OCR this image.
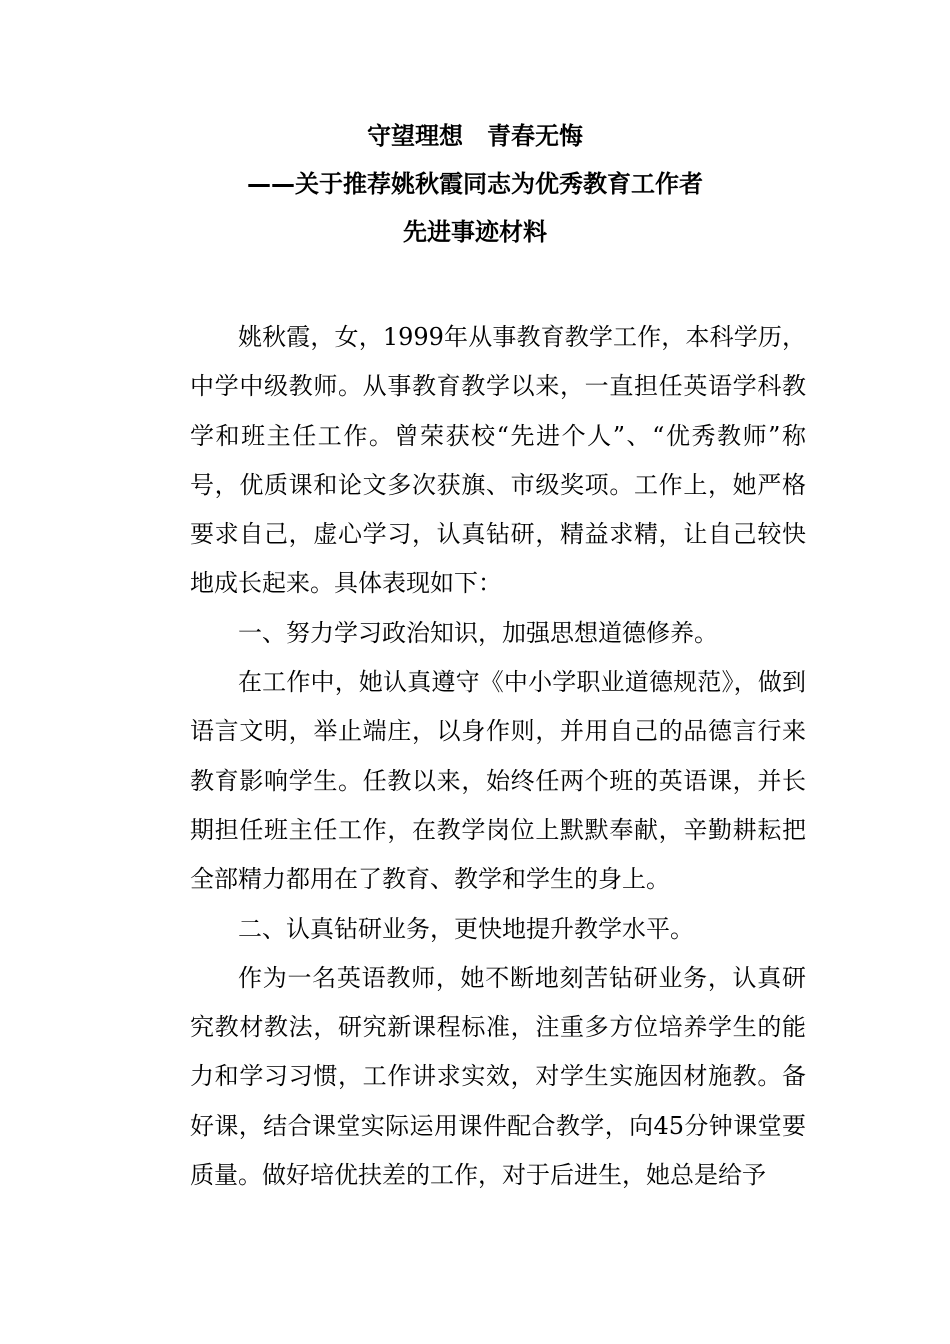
守望理想　青春无悔
——关于推荐姚秋霞同志为优秀教育工作者
先进事迹材料

姚秋霞，女，1999年从事教育教学工作，本科学历，中学中级教师。从事教育教学以来，一直担任英语学科教学和班主任工作。曾荣获校“先进个人”、“优秀教师”称号，优质课和论文多次获旗、市级奖项。工作上，她严格要求自己，虚心学习，认真钻研，精益求精，让自己较快地成长起来。具体表现如下：

一、努力学习政治知识，加强思想道德修养。

在工作中，她认真遵守《中小学职业道德规范》，做到语言文明，举止端庄，以身作则，并用自己的品德言行来教育影响学生。任教以来，始终任两个班的英语课，并长期担任班主任工作，在教学岗位上默默奉献，辛勤耕耘把全部精力都用在了教育、教学和学生的身上。

二、认真钻研业务，更快地提升教学水平。

作为一名英语教师，她不断地刻苦钻研业务，认真研究教材教法，研究新课程标准，注重多方位培养学生的能力和学习习惯，工作讲求实效，对学生实施因材施教。备好课，结合课堂实际运用课件配合教学，向45分钟课堂要质量。做好培优扶差的工作，对于后进生，她总是给予
